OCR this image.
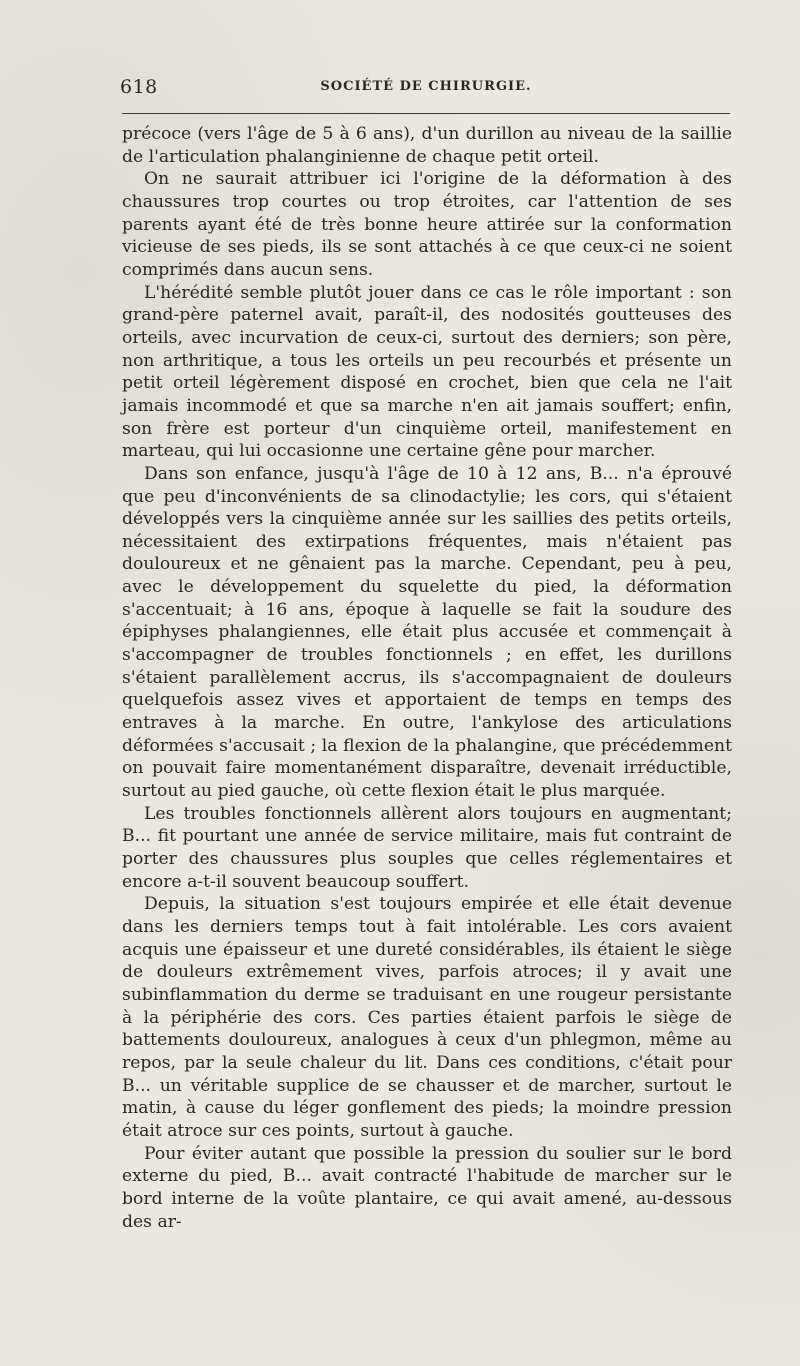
618	SOCIÉTÉ DE CHIRURGIE.

précoce (vers l'âge de 5 à 6 ans), d'un durillon au niveau de la saillie de l'articulation phalanginienne de chaque petit orteil.

On ne saurait attribuer ici l'origine de la déformation à des chaussures trop courtes ou trop étroites, car l'attention de ses parents ayant été de très bonne heure attirée sur la conformation vicieuse de ses pieds, ils se sont attachés à ce que ceux-ci ne soient comprimés dans aucun sens.

L'hérédité semble plutôt jouer dans ce cas le rôle important : son grand-père paternel avait, paraît-il, des nodosités goutteuses des orteils, avec incurvation de ceux-ci, surtout des derniers; son père, non arthritique, a tous les orteils un peu recourbés et présente un petit orteil légèrement disposé en crochet, bien que cela ne l'ait jamais incommodé et que sa marche n'en ait jamais souffert; enfin, son frère est porteur d'un cinquième orteil, manifestement en marteau, qui lui occasionne une certaine gêne pour marcher.

Dans son enfance, jusqu'à l'âge de 10 à 12 ans, B... n'a éprouvé que peu d'inconvénients de sa clinodactylie; les cors, qui s'étaient développés vers la cinquième année sur les saillies des petits orteils, nécessitaient des extirpations fréquentes, mais n'étaient pas douloureux et ne gênaient pas la marche. Cependant, peu à peu, avec le développement du squelette du pied, la déformation s'accentuait; à 16 ans, époque à laquelle se fait la soudure des épiphyses phalangiennes, elle était plus accusée et commençait à s'accompagner de troubles fonctionnels ; en effet, les durillons s'étaient parallèlement accrus, ils s'accompagnaient de douleurs quelquefois assez vives et apportaient de temps en temps des entraves à la marche. En outre, l'ankylose des articulations déformées s'accusait ; la flexion de la phalangine, que précédemment on pouvait faire momentanément disparaître, devenait irréductible, surtout au pied gauche, où cette flexion était le plus marquée.

Les troubles fonctionnels allèrent alors toujours en augmentant; B... fit pourtant une année de service militaire, mais fut contraint de porter des chaussures plus souples que celles réglementaires et encore a-t-il souvent beaucoup souffert.

Depuis, la situation s'est toujours empirée et elle était devenue dans les derniers temps tout à fait intolérable. Les cors avaient acquis une épaisseur et une dureté considérables, ils étaient le siège de douleurs extrêmement vives, parfois atroces; il y avait une subinflammation du derme se traduisant en une rougeur persistante à la périphérie des cors. Ces parties étaient parfois le siège de battements douloureux, analogues à ceux d'un phlegmon, même au repos, par la seule chaleur du lit. Dans ces conditions, c'était pour B... un véritable supplice de se chausser et de marcher, surtout le matin, à cause du léger gonflement des pieds; la moindre pression était atroce sur ces points, surtout à gauche.

Pour éviter autant que possible la pression du soulier sur le bord externe du pied, B... avait contracté l'habitude de marcher sur le bord interne de la voûte plantaire, ce qui avait amené, au-dessous des ar-
